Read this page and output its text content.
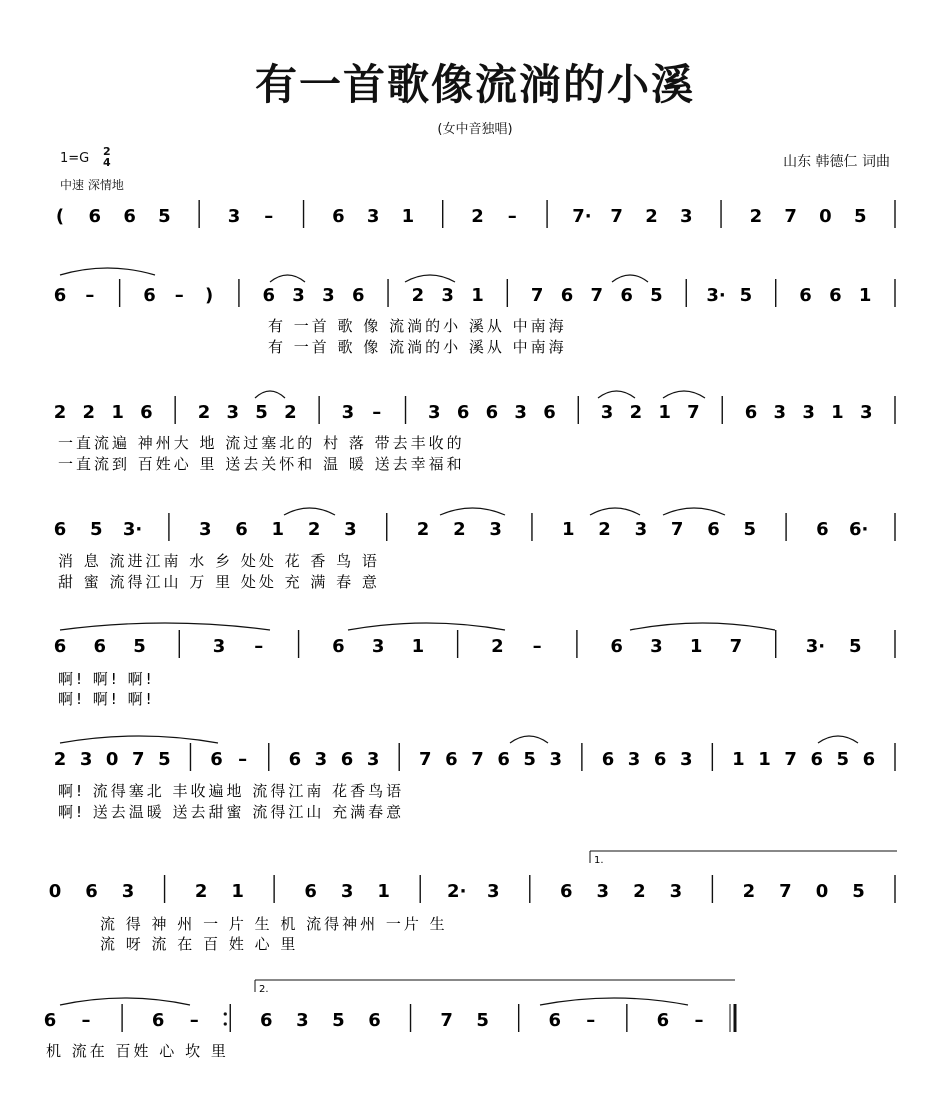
有一首歌像流淌的小溪
(女中音独唱)
1=G 2
4
中速 深情地
山东 韩德仁 词曲
( 6 6 5	3 –	6 3 1	2 –	7· 7 2 3	2 7 0 5
6 –	6 – )	6 3 3 6	2 3 1	7 6 7 6 5 3· 5	6 6 1
有 一首 歌 像 流淌的小 溪从 中南海
有 一首 歌 像 流淌的小 溪从 中南海
2 2 1 6	2 3 5 2	3 –	3 6 6 3 6	3 2 1 7	6 3 3 1 3
一直流遍 神州大 地 流过塞北的 村 落 带去丰收的
一直流到 百姓心 里 送去关怀和 温 暖 送去幸福和
6 5 3·	3 6 1 2 3	2 2 3	1 2 3 7 6 5	6 6·
消 息 流进江南 水 乡 处处 花 香 鸟 语
甜 蜜 流得江山 万 里 处处 充 满 春 意
6 6 5	3 –	6 3 1	2 –	6 3 1 7	3· 5
啊! 啊! 啊!
啊! 啊! 啊!
2 3 0 7 5 6 – 6 3 6 3 7 6 7 6 5 3 6 3 6 3 1 1 7 6 5 6
啊! 流得塞北 丰收遍地 流得江南 花香鸟语
啊! 送去温暖 送去甜蜜 流得江山 充满春意
0 6 3	2 1	6 3 1	2· 3	6 3 2 3	2 7 0 5
流 得 神 州 一 片 生 机 流得神州 一片 生
流 呀 流 在 百 姓 心 里
1.
6 –	6 –	6 3 5 6	7 5	6 –	6 –
机 流在 百姓 心 坎 里
2.
